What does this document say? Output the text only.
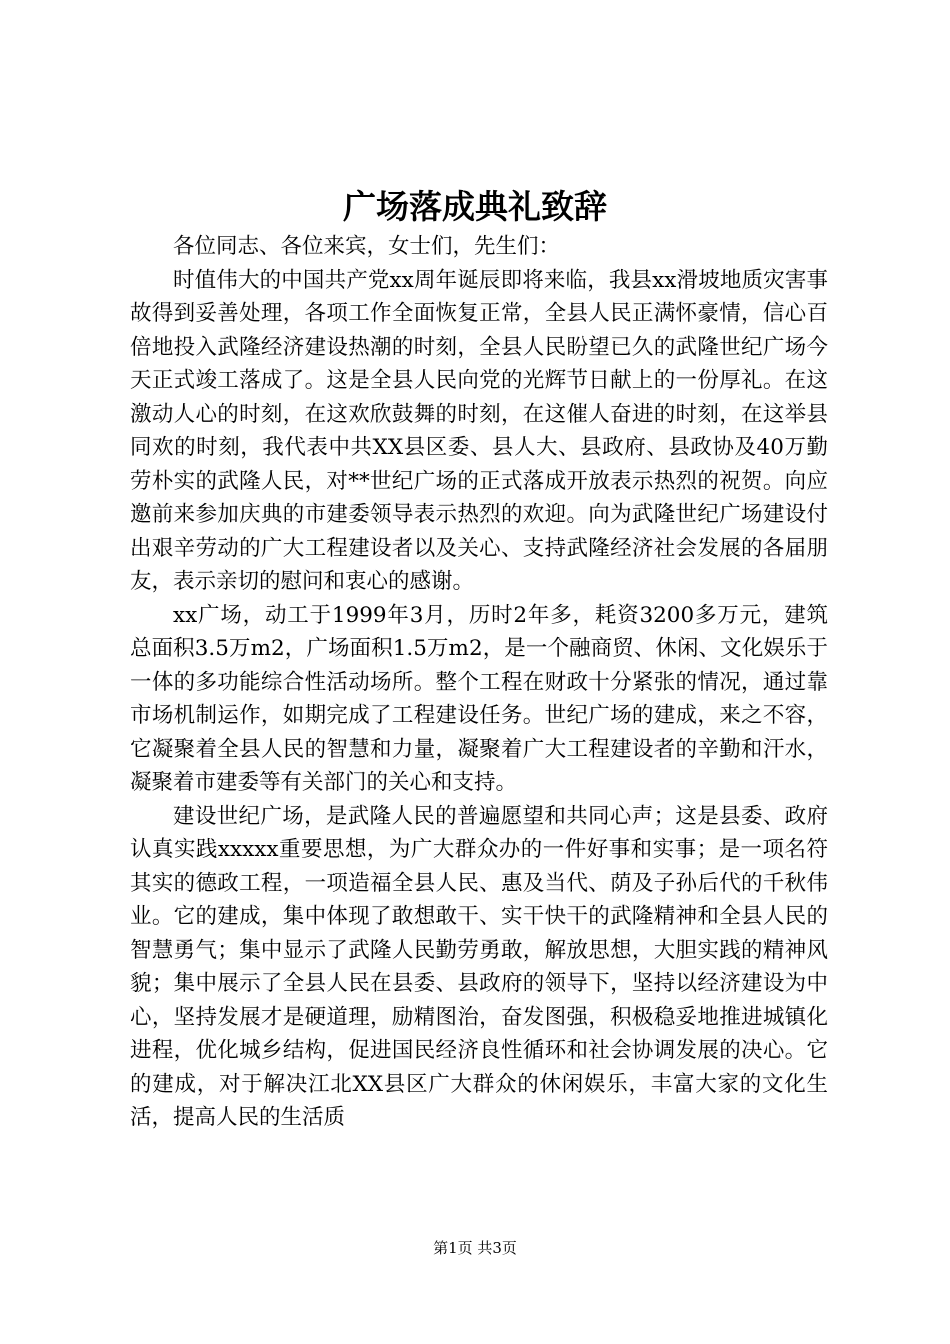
广场落成典礼致辞

各位同志、各位来宾，女士们，先生们：

时值伟大的中国共产党xx周年诞辰即将来临，我县xx滑坡地质灾害事故得到妥善处理，各项工作全面恢复正常，全县人民正满怀豪情，信心百倍地投入武隆经济建设热潮的时刻，全县人民盼望已久的武隆世纪广场今天正式竣工落成了。这是全县人民向党的光辉节日献上的一份厚礼。在这激动人心的时刻，在这欢欣鼓舞的时刻，在这催人奋进的时刻，在这举县同欢的时刻，我代表中共XX县区委、县人大、县政府、县政协及40万勤劳朴实的武隆人民，对**世纪广场的正式落成开放表示热烈的祝贺。向应邀前来参加庆典的市建委领导表示热烈的欢迎。向为武隆世纪广场建设付出艰辛劳动的广大工程建设者以及关心、支持武隆经济社会发展的各届朋友，表示亲切的慰问和衷心的感谢。

xx广场，动工于1999年3月，历时2年多，耗资3200多万元，建筑总面积3.5万m2，广场面积1.5万m2，是一个融商贸、休闲、文化娱乐于一体的多功能综合性活动场所。整个工程在财政十分紧张的情况，通过靠市场机制运作，如期完成了工程建设任务。世纪广场的建成，来之不容，它凝聚着全县人民的智慧和力量，凝聚着广大工程建设者的辛勤和汗水，凝聚着市建委等有关部门的关心和支持。

建设世纪广场，是武隆人民的普遍愿望和共同心声；这是县委、政府认真实践xxxxx重要思想，为广大群众办的一件好事和实事；是一项名符其实的德政工程，一项造福全县人民、惠及当代、荫及子孙后代的千秋伟业。它的建成，集中体现了敢想敢干、实干快干的武隆精神和全县人民的智慧勇气；集中显示了武隆人民勤劳勇敢，解放思想，大胆实践的精神风貌；集中展示了全县人民在县委、县政府的领导下，坚持以经济建设为中心，坚持发展才是硬道理，励精图治，奋发图强，积极稳妥地推进城镇化进程，优化城乡结构，促进国民经济良性循环和社会协调发展的决心。它的建成，对于解决江北XX县区广大群众的休闲娱乐，丰富大家的文化生活，提高人民的生活质

第1页 共3页
